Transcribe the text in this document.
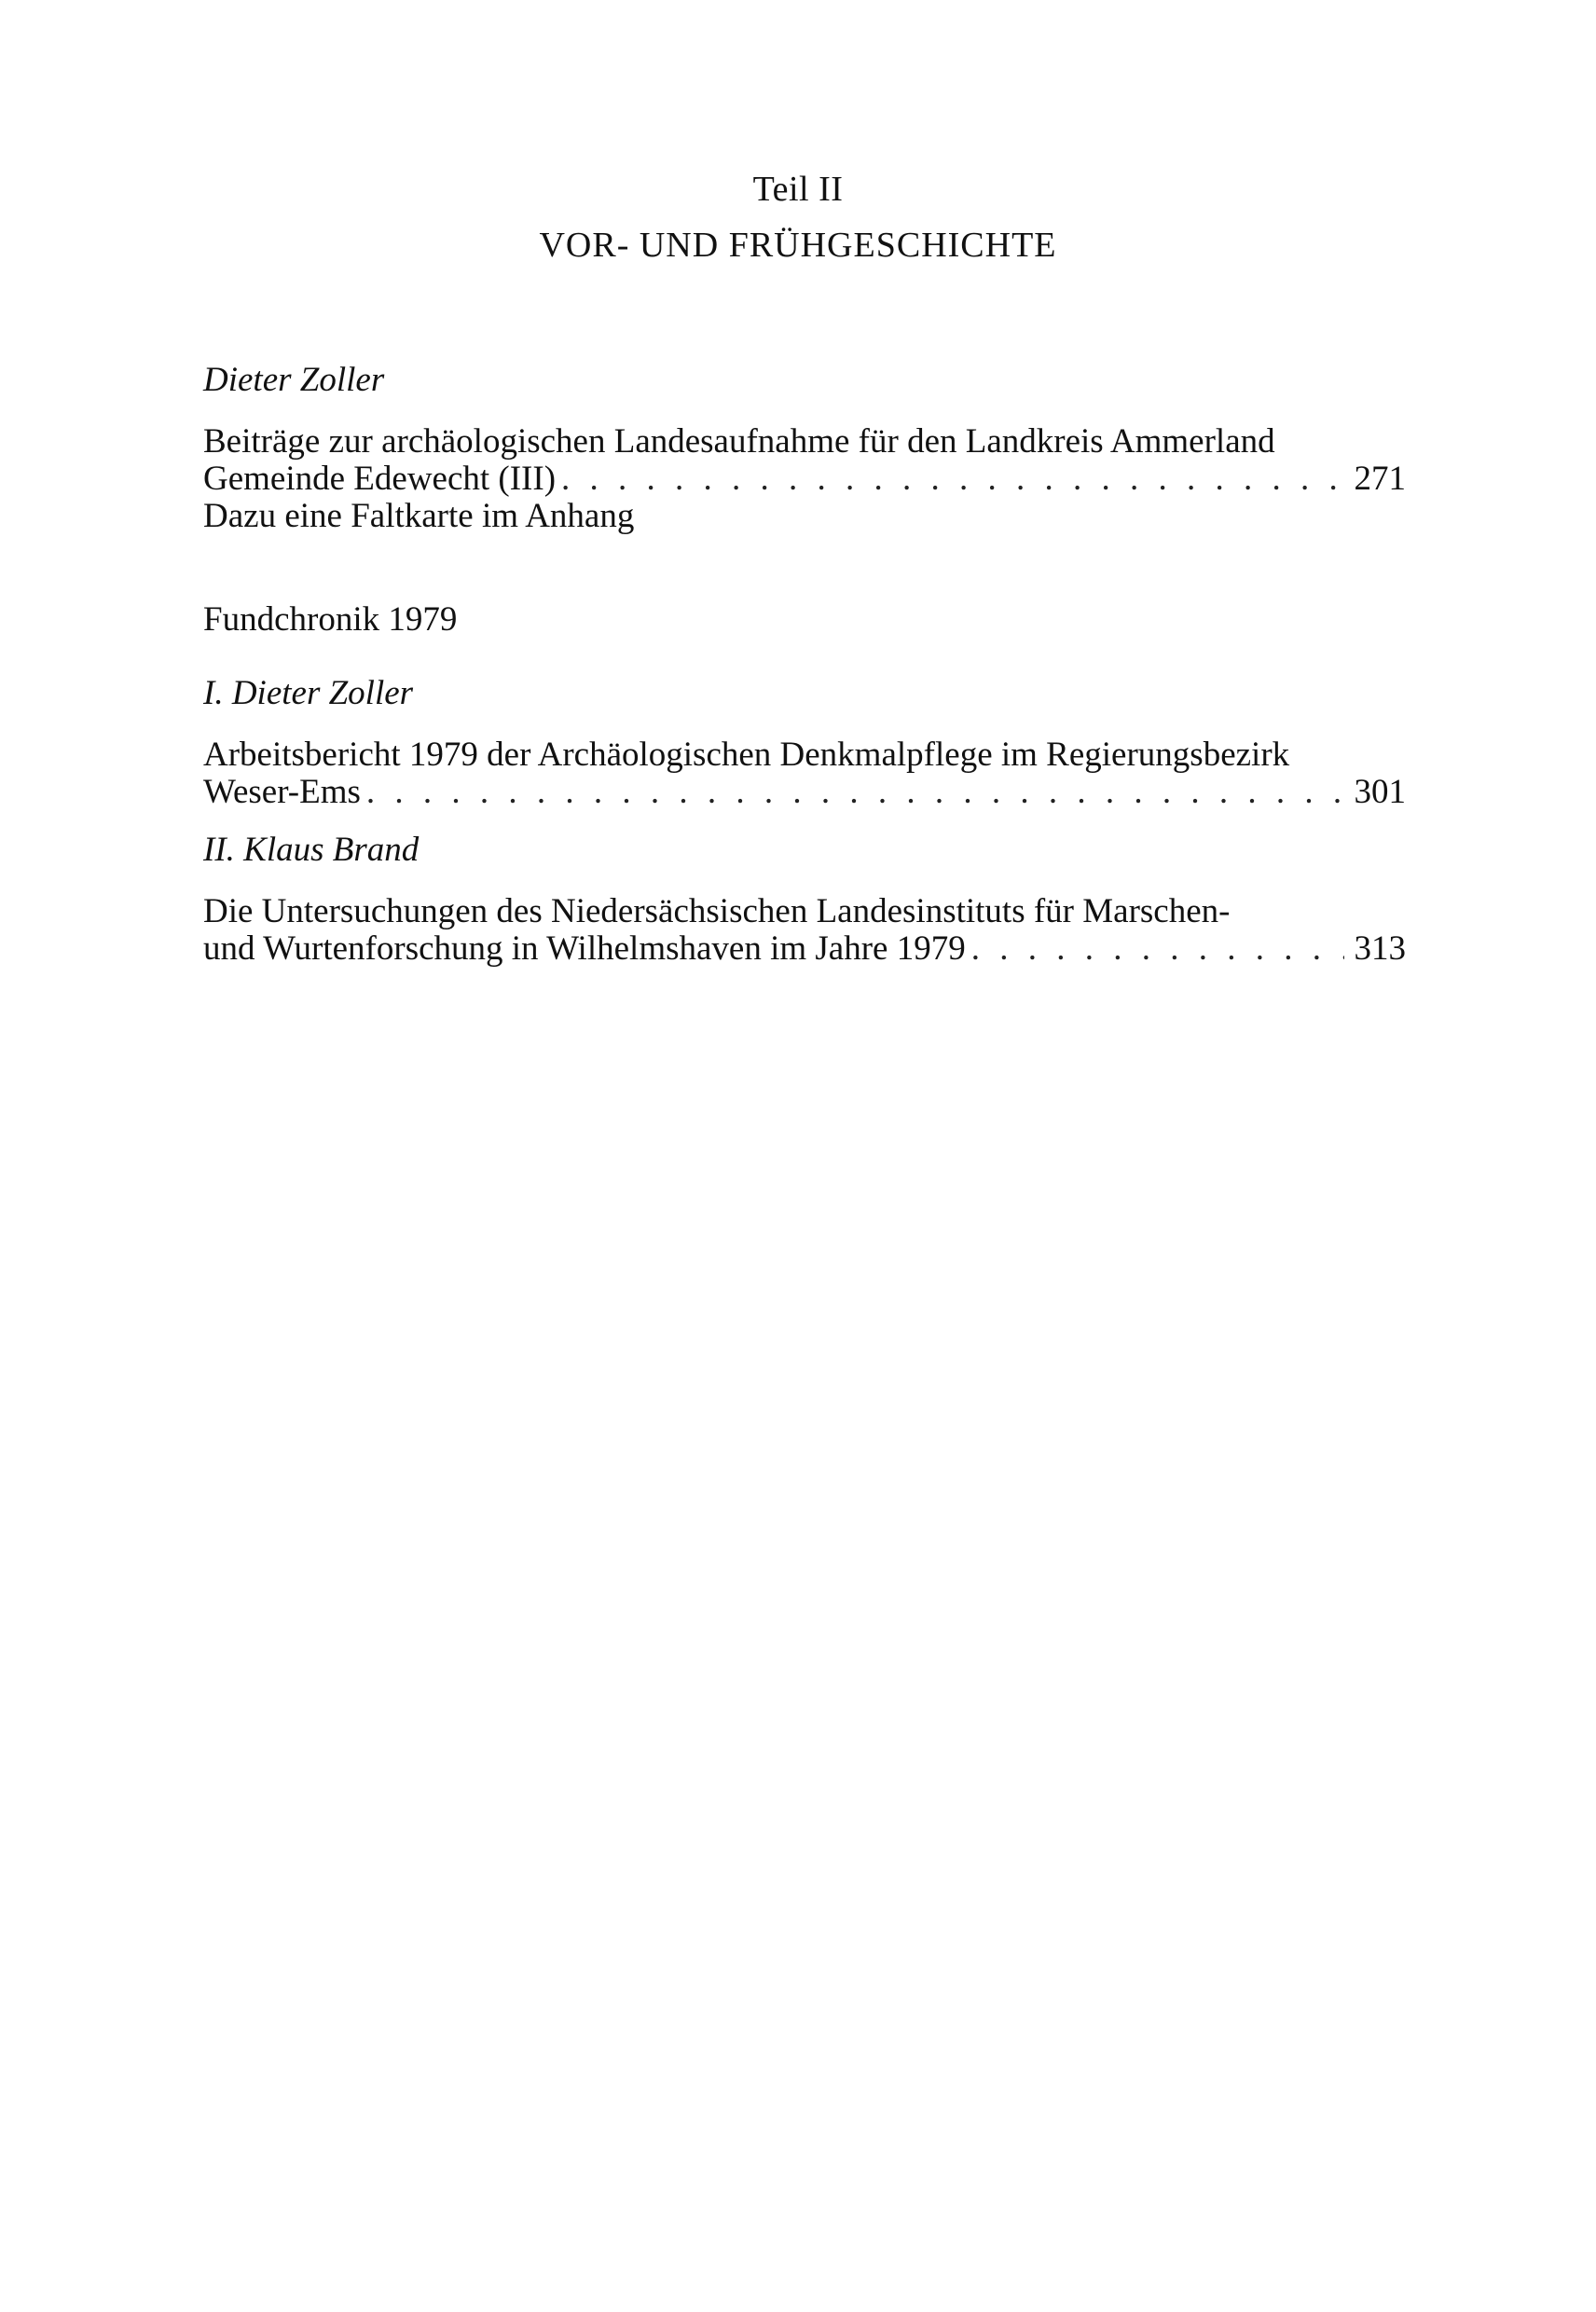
Teil II
VOR- UND FRÜHGESCHICHTE
Dieter Zoller
Beiträge zur archäologischen Landesaufnahme für den Landkreis Ammerland
Gemeinde Edewecht (III) . . .	271
Dazu eine Faltkarte im Anhang
Fundchronik 1979
I. Dieter Zoller
Arbeitsbericht 1979 der Archäologischen Denkmalpflege im Regierungsbezirk
Weser-Ems . . .	301
II. Klaus Brand
Die Untersuchungen des Niedersächsischen Landesinstituts für Marschen-
und Wurtenforschung in Wilhelmshaven im Jahre 1979 . . .	313
